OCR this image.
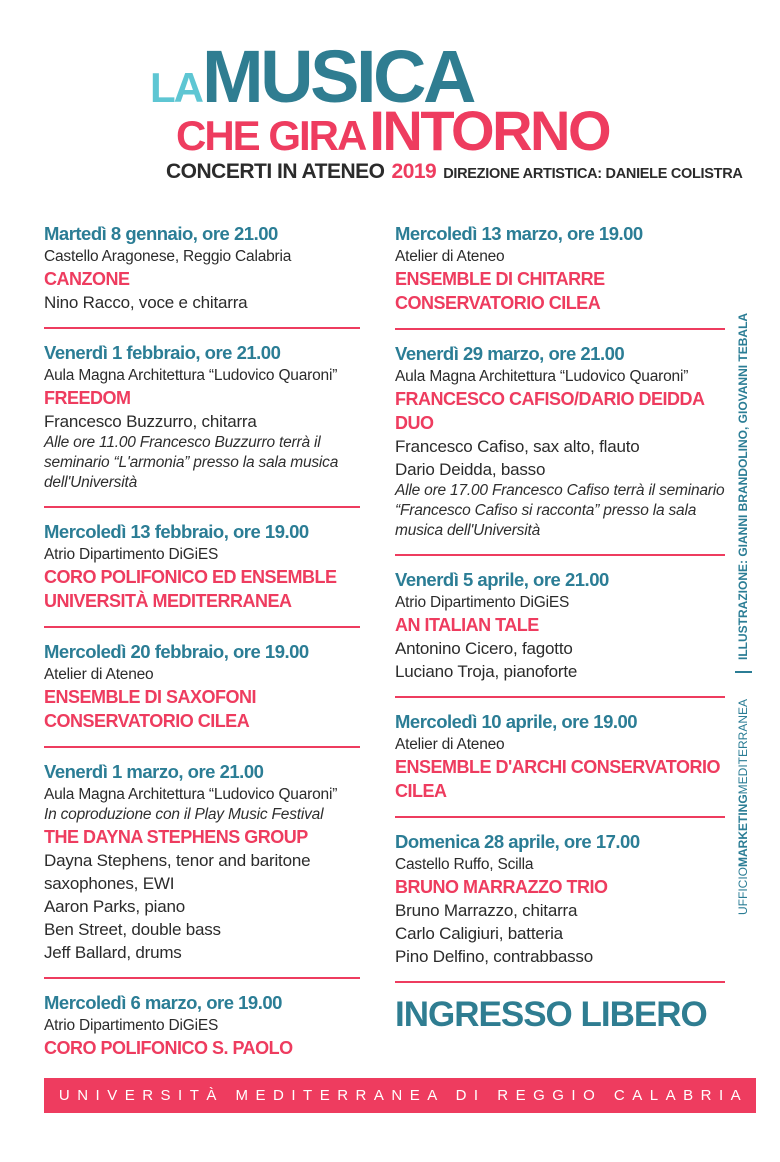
LA MUSICA
CHE GIRA INTORNO
CONCERTI IN ATENEO 2019 DIREZIONE ARTISTICA: DANIELE COLISTRA
Martedì 8 gennaio, ore 21.00
Castello Aragonese, Reggio Calabria
CANZONE
Nino Racco, voce e chitarra
Venerdì 1 febbraio, ore 21.00
Aula Magna Architettura “Ludovico Quaroni”
FREEDOM
Francesco Buzzurro, chitarra
Alle ore 11.00 Francesco Buzzurro terrà il seminario “L'armonia” presso la sala musica dell'Università
Mercoledì 13 febbraio, ore 19.00
Atrio Dipartimento DiGiES
CORO POLIFONICO ED ENSEMBLE UNIVERSITÀ MEDITERRANEA
Mercoledì 20 febbraio, ore 19.00
Atelier di Ateneo
ENSEMBLE DI SAXOFONI CONSERVATORIO CILEA
Venerdì 1 marzo, ore 21.00
Aula Magna Architettura “Ludovico Quaroni”
In coproduzione con il Play Music Festival
THE DAYNA STEPHENS GROUP
Dayna Stephens, tenor and baritone saxophones, EWI
Aaron Parks, piano
Ben Street, double bass
Jeff Ballard, drums
Mercoledì 6 marzo, ore 19.00
Atrio Dipartimento DiGiES
CORO POLIFONICO S. PAOLO
Mercoledì 13 marzo, ore 19.00
Atelier di Ateneo
ENSEMBLE DI CHITARRE CONSERVATORIO CILEA
Venerdì 29 marzo, ore 21.00
Aula Magna Architettura “Ludovico Quaroni”
FRANCESCO CAFISO/DARIO DEIDDA DUO
Francesco Cafiso, sax alto, flauto
Dario Deidda, basso
Alle ore 17.00 Francesco Cafiso terrà il seminario “Francesco Cafiso si racconta” presso la sala musica dell'Università
Venerdì 5 aprile, ore 21.00
Atrio Dipartimento DiGiES
AN ITALIAN TALE
Antonino Cicero, fagotto
Luciano Troja, pianoforte
Mercoledì 10 aprile, ore 19.00
Atelier di Ateneo
ENSEMBLE D'ARCHI CONSERVATORIO CILEA
Domenica 28 aprile, ore 17.00
Castello Ruffo, Scilla
BRUNO MARRAZZO TRIO
Bruno Marrazzo, chitarra
Carlo Caligiuri, batteria
Pino Delfino, contrabbasso
INGRESSO LIBERO
ILLUSTRAZIONE: GIANNI BRANDOLINO, GIOVANNI TEBALA
UFFICIOMARKETINGMEDITERRANEA
UNIVERSITÀ MEDITERRANEA DI REGGIO CALABRIA
